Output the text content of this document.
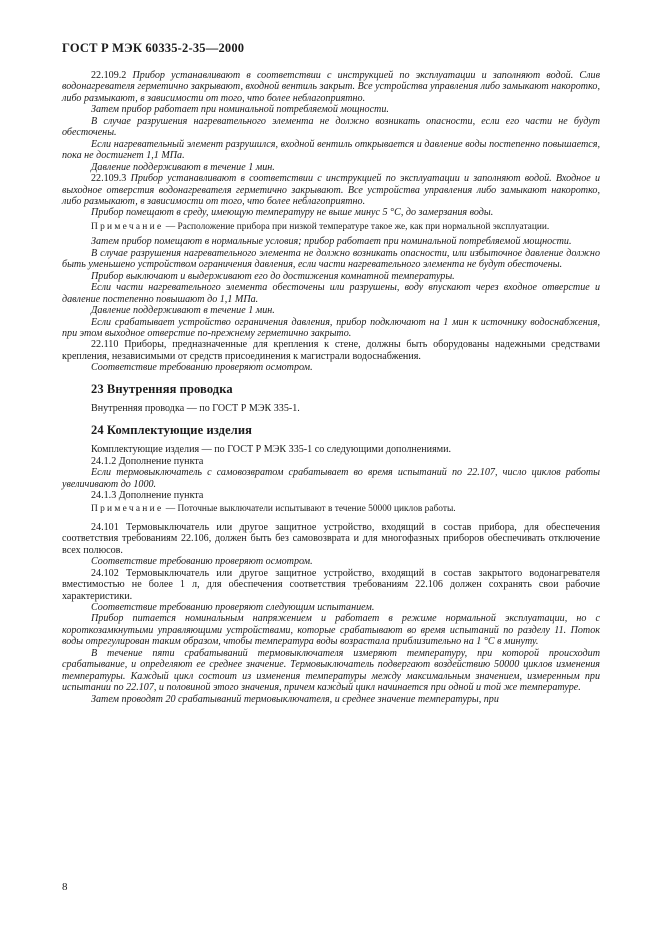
ГОСТ Р МЭК 60335-2-35—2000

22.109.2 Прибор устанавливают в соответствии с инструкцией по эксплуатации и заполняют водой. Слив водонагревателя герметично закрывают, входной вентиль закрыт. Все устройства управления либо замыкают накоротко, либо размыкают, в зависимости от того, что более неблагоприятно.

Затем прибор работает при номинальной потребляемой мощности.

В случае разрушения нагревательного элемента не должно возникать опасности, если его части не будут обесточены.

Если нагревательный элемент разрушился, входной вентиль открывается и давление воды постепенно повышается, пока не достигнет 1,1 МПа.

Давление поддерживают в течение 1 мин.

22.109.3 Прибор устанавливают в соответствии с инструкцией по эксплуатации и заполняют водой. Входное и выходное отверстия водонагревателя герметично закрывают. Все устройства управления либо замыкают накоротко, либо размыкают, в зависимости от того, что более неблагоприятно.

Прибор помещают в среду, имеющую температуру не выше минус 5 °С, до замерзания воды.

Примечание — Расположение прибора при низкой температуре такое же, как при нормальной эксплуатации.

Затем прибор помещают в нормальные условия; прибор работает при номинальной потребляемой мощности.

В случае разрушения нагревательного элемента не должно возникать опасности, или избыточное давление должно быть уменьшено устройством ограничения давления, если части нагревательного элемента не будут обесточены.

Прибор выключают и выдерживают его до достижения комнатной температуры.

Если части нагревательного элемента обесточены или разрушены, воду впускают через входное отверстие и давление постепенно повышают до 1,1 МПа.

Давление поддерживают в течение 1 мин.

Если срабатывает устройство ограничения давления, прибор подключают на 1 мин к источнику водоснабжения, при этом выходное отверстие по-прежнему герметично закрыто.

22.110 Приборы, предназначенные для крепления к стене, должны быть оборудованы надежными средствами крепления, независимыми от средств присоединения к магистрали водоснабжения.

Соответствие требованию проверяют осмотром.

23 Внутренняя проводка

Внутренняя проводка — по ГОСТ Р МЭК 335-1.

24 Комплектующие изделия

Комплектующие изделия — по ГОСТ Р МЭК 335-1 со следующими дополнениями.

24.1.2 Дополнение пункта

Если термовыключатель с самовозвратом срабатывает во время испытаний по 22.107, число циклов работы увеличивают до 1000.

24.1.3 Дополнение пункта

Примечание — Поточные выключатели испытывают в течение 50000 циклов работы.

24.101 Термовыключатель или другое защитное устройство, входящий в состав прибора, для обеспечения соответствия требованиям 22.106, должен быть без самовозврата и для многофазных приборов обеспечивать отключение всех полюсов.

Соответствие требованию проверяют осмотром.

24.102 Термовыключатель или другое защитное устройство, входящий в состав закрытого водонагревателя вместимостью не более 1 л, для обеспечения соответствия требованиям 22.106 должен сохранять свои рабочие характеристики.

Соответствие требованию проверяют следующим испытанием.

Прибор питается номинальным напряжением и работает в режиме нормальной эксплуатации, но с короткозамкнутыми управляющими устройствами, которые срабатывают во время испытаний по разделу 11. Поток воды отрегулирован таким образом, чтобы температура воды возрастала приблизительно на 1 °С в минуту.

В течение пяти срабатываний термовыключателя измеряют температуру, при которой происходит срабатывание, и определяют ее среднее значение. Термовыключатель подвергают воздействию 50000 циклов изменения температуры. Каждый цикл состоит из изменения температуры между максимальным значением, измеренным при испытании по 22.107, и половиной этого значения, причем каждый цикл начинается при одной и той же температуре.

Затем проводят 20 срабатываний термовыключателя, и среднее значение температуры, при

8
